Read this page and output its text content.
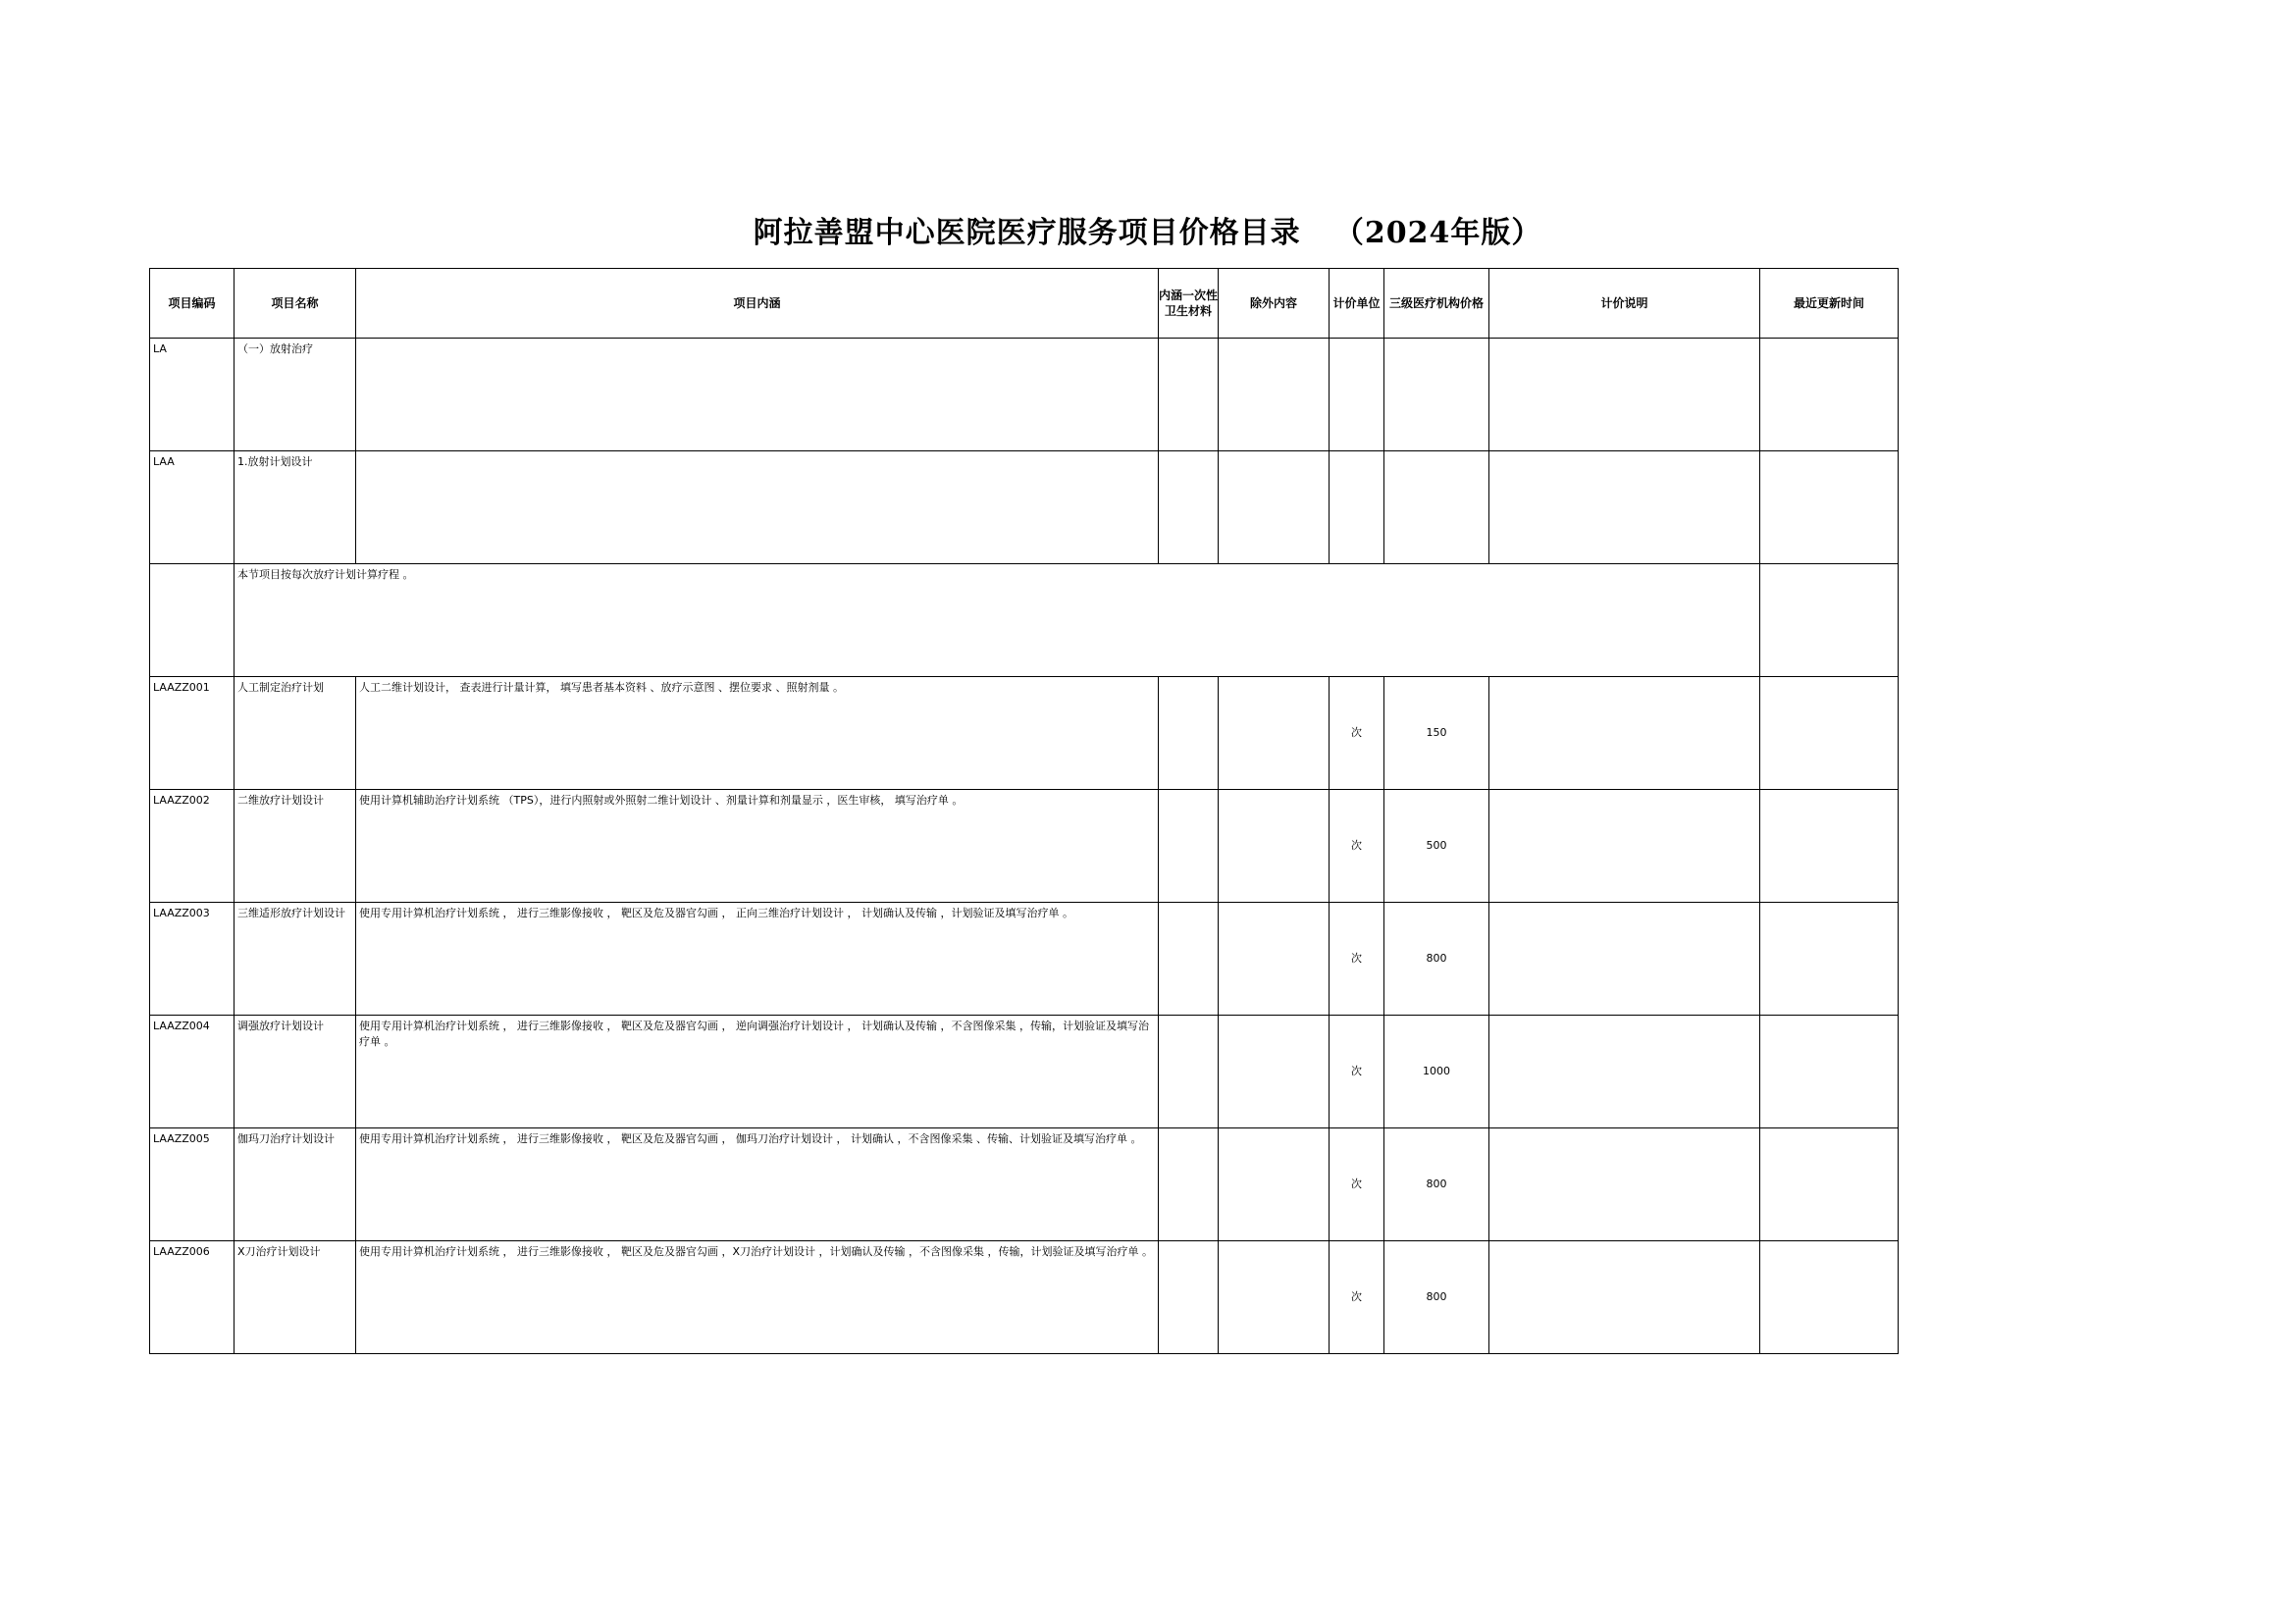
阿拉善盟中心医院医疗服务项目价格目录   （2024年版）
项目编码	项目名称	项目内涵	内涵一次性卫生材料	除外内容	计价单位	三级医疗机构价格	计价说明	最近更新时间

LA	（一）放射治疗							

LAA	1.放射计划设计							

	本节项目按每次放疗计划计算疗程 。							

LAAZZ001	人工制定治疗计划	人工二维计划设计， 查表进行计量计算， 填写患者基本资料 、放疗示意图 、摆位要求 、照射剂量 。			次	150		

LAAZZ002	二维放疗计划设计	使用计算机辅助治疗计划系统 （TPS），进行内照射或外照射二维计划设计 、剂量计算和剂量显示 ，医生审核， 填写治疗单 。			次	500		

LAAZZ003	三维适形放疗计划设计	使用专用计算机治疗计划系统 ， 进行三维影像接收 ， 靶区及危及器官勾画 ， 正向三维治疗计划设计 ， 计划确认及传输 ，计划验证及填写治疗单 。			次	800		

LAAZZ004	调强放疗计划设计	使用专用计算机治疗计划系统 ， 进行三维影像接收 ， 靶区及危及器官勾画 ， 逆向调强治疗计划设计 ， 计划确认及传输 ，不含图像采集 ，传输，计划验证及填写治疗单 。			次	1000		

LAAZZ005	伽玛刀治疗计划设计	使用专用计算机治疗计划系统 ， 进行三维影像接收 ， 靶区及危及器官勾画 ， 伽玛刀治疗计划设计 ， 计划确认 ，不含图像采集 、传输、计划验证及填写治疗单 。			次	800		

LAAZZ006	X刀治疗计划设计	使用专用计算机治疗计划系统 ， 进行三维影像接收 ， 靶区及危及器官勾画 ，X刀治疗计划设计 ，计划确认及传输 ，不含图像采集 ，传输，计划验证及填写治疗单 。			次	800		
